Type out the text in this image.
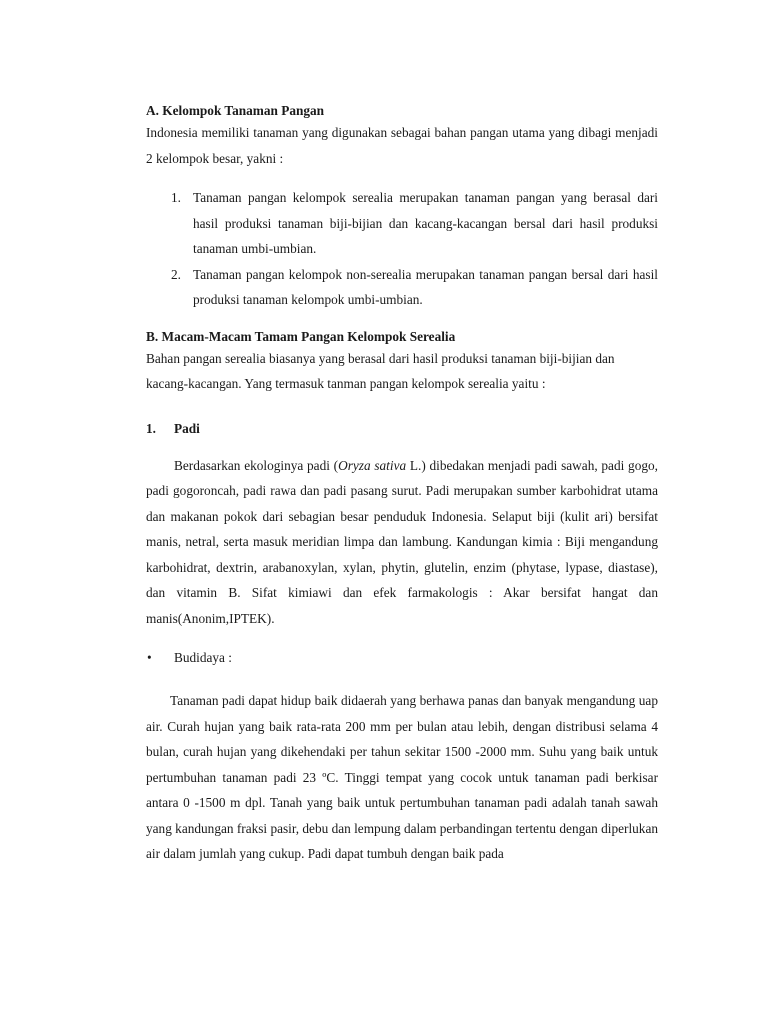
A. Kelompok Tanaman Pangan

Indonesia memiliki tanaman yang digunakan sebagai bahan pangan utama yang dibagi menjadi 2 kelompok besar, yakni :

1. Tanaman pangan kelompok serealia merupakan tanaman pangan yang berasal dari hasil produksi tanaman biji-bijian dan kacang-kacangan bersal dari hasil produksi tanaman umbi-umbian.
2. Tanaman pangan kelompok non-serealia merupakan tanaman pangan bersal dari hasil produksi tanaman kelompok umbi-umbian.

B. Macam-Macam Tamam Pangan Kelompok Serealia

Bahan pangan serealia biasanya yang berasal dari hasil produksi tanaman biji-bijian dan kacang-kacangan. Yang termasuk tanman pangan kelompok serealia yaitu :

1. Padi

Berdasarkan ekologinya padi (Oryza sativa L.) dibedakan menjadi padi sawah, padi gogo, padi gogoroncah, padi rawa dan padi pasang surut. Padi merupakan sumber karbohidrat utama dan makanan pokok dari sebagian besar penduduk Indonesia. Selaput biji (kulit ari) bersifat manis, netral, serta masuk meridian limpa dan lambung. Kandungan kimia : Biji mengandung karbohidrat, dextrin, arabanoxylan, xylan, phytin, glutelin, enzim (phytase, lypase, diastase), dan vitamin B. Sifat kimiawi dan efek farmakologis : Akar bersifat hangat dan manis(Anonim,IPTEK).

• Budidaya :

Tanaman padi dapat hidup baik didaerah yang berhawa panas dan banyak mengandung uap air. Curah hujan yang baik rata-rata 200 mm per bulan atau lebih, dengan distribusi selama 4 bulan, curah hujan yang dikehendaki per tahun sekitar 1500 -2000 mm. Suhu yang baik untuk pertumbuhan tanaman padi 23 ºC. Tinggi tempat yang cocok untuk tanaman padi berkisar antara 0 -1500 m dpl. Tanah yang baik untuk pertumbuhan tanaman padi adalah tanah sawah yang kandungan fraksi pasir, debu dan lempung dalam perbandingan tertentu dengan diperlukan air dalam jumlah yang cukup. Padi dapat tumbuh dengan baik pada
